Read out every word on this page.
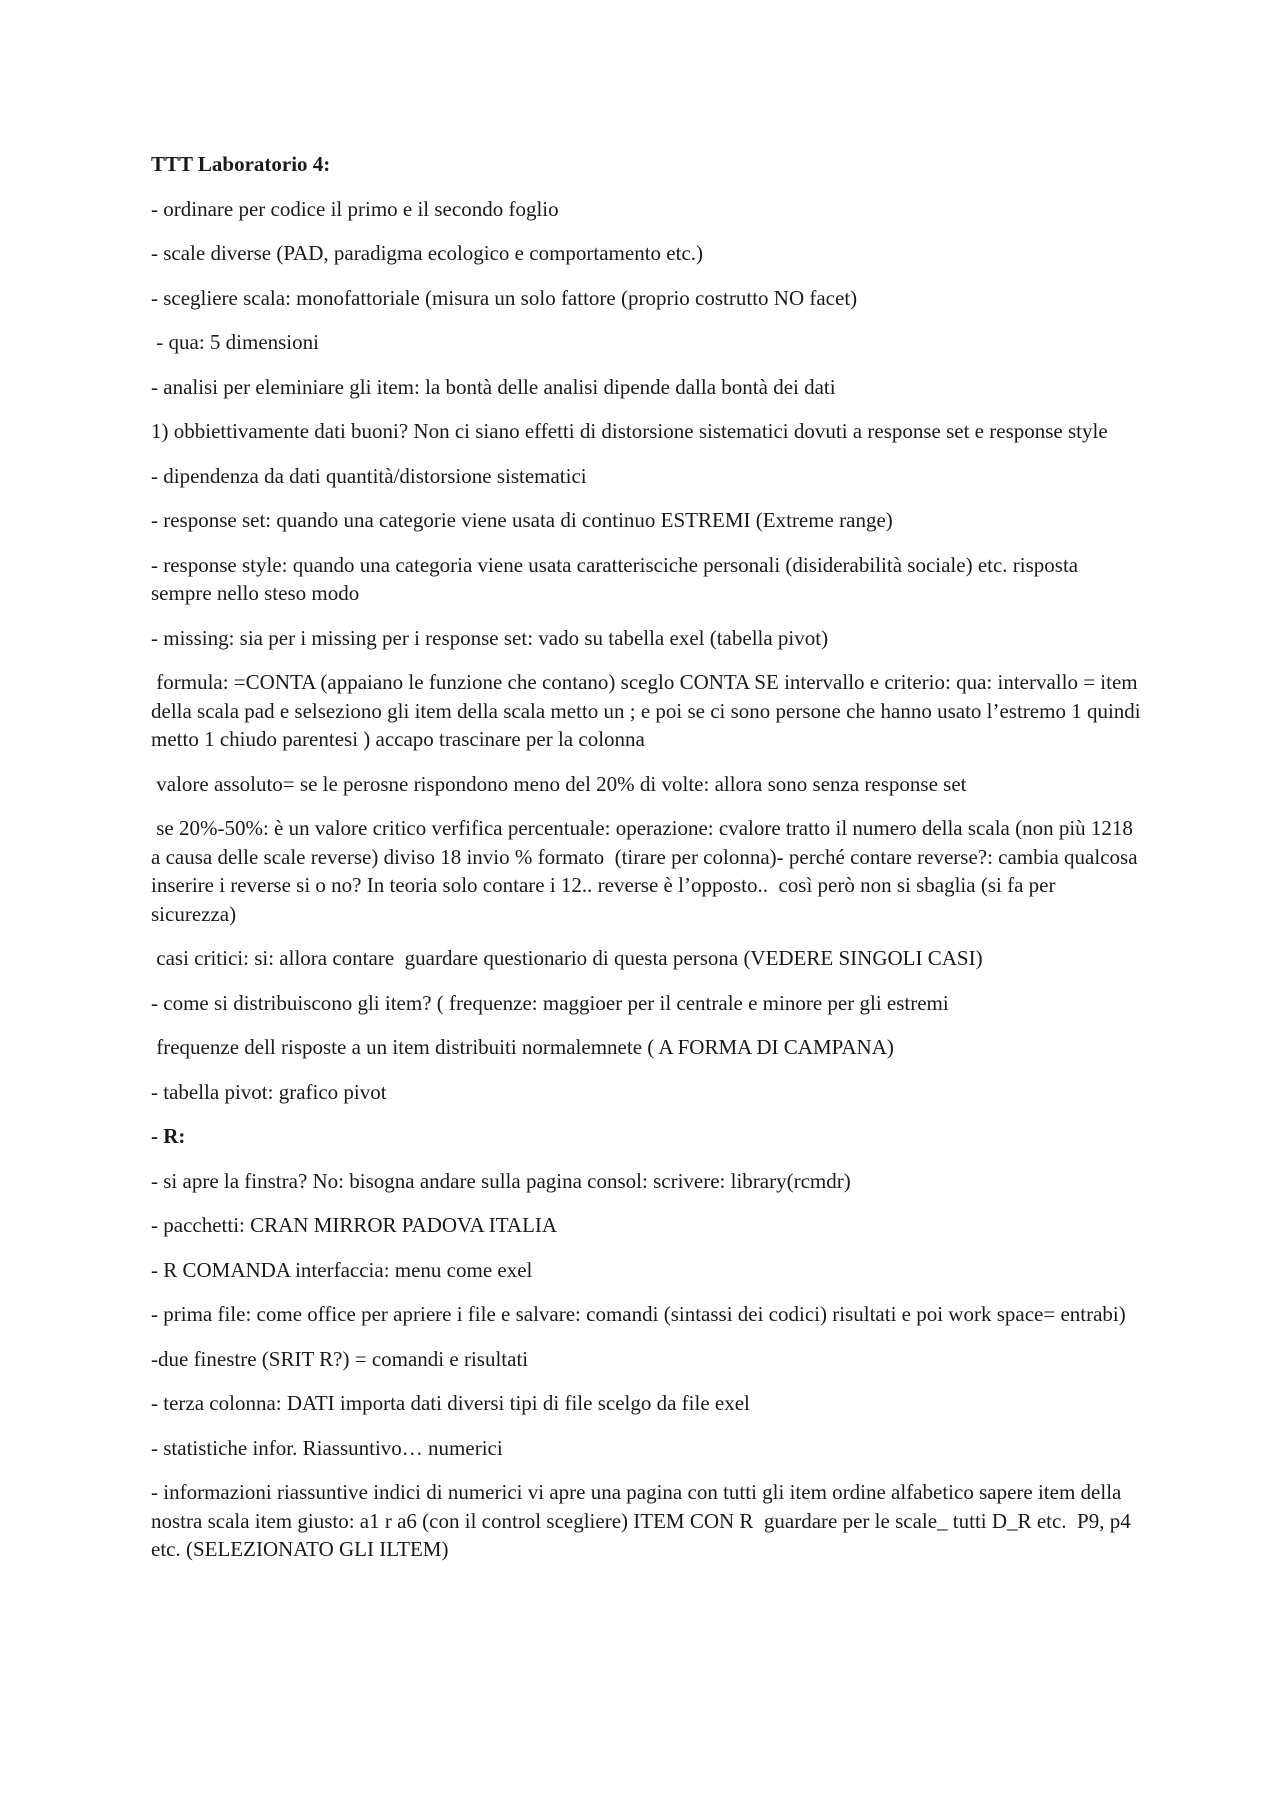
TTT Laboratorio 4:

- ordinare per codice il primo e il secondo foglio

- scale diverse (PAD, paradigma ecologico e comportamento etc.)

- scegliere scala: monofattoriale (misura un solo fattore (proprio costrutto NO facet)

- qua: 5 dimensioni

- analisi per eleminiare gli item: la bontà delle analisi dipende dalla bontà dei dati

1) obbiettivamente dati buoni? Non ci siano effetti di distorsione sistematici dovuti a response set e response style

- dipendenza da dati quantità/distorsione sistematici

- response set: quando una categorie viene usata di continuo ESTREMI (Extreme range)

- response style: quando una categoria viene usata caratterisciche personali (disiderabilità sociale) etc. risposta sempre nello steso modo

- missing: sia per i missing per i response set: vado su tabella exel (tabella pivot)

formula: =CONTA (appaiano le funzione che contano) sceglo CONTA SE intervallo e criterio: qua: intervallo = item della scala pad e selseziono gli item della scala metto un ; e poi se ci sono persone che hanno usato l’estremo 1 quindi metto 1 chiudo parentesi ) accapo trascinare per la colonna

valore assoluto= se le perosne rispondono meno del 20% di volte: allora sono senza response set

se 20%-50%: è un valore critico verfifica percentuale: operazione: cvalore tratto il numero della scala (non più 1218 a causa delle scale reverse) diviso 18 invio % formato  (tirare per colonna)- perché contare reverse?: cambia qualcosa inserire i reverse si o no? In teoria solo contare i 12.. reverse è l’opposto..  così però non si sbaglia (si fa per sicurezza)

casi critici: si: allora contare  guardare questionario di questa persona (VEDERE SINGOLI CASI)

- come si distribuiscono gli item? ( frequenze: maggioer per il centrale e minore per gli estremi

frequenze dell risposte a un item distribuiti normalemnete ( A FORMA DI CAMPANA)

- tabella pivot: grafico pivot

- R:

- si apre la finstra? No: bisogna andare sulla pagina consol: scrivere: library(rcmdr)

- pacchetti: CRAN MIRROR PADOVA ITALIA

- R COMANDA interfaccia: menu come exel

- prima file: come office per apriere i file e salvare: comandi (sintassi dei codici) risultati e poi work space= entrabi)

-due finestre (SRIT R?) = comandi e risultati

- terza colonna: DATI importa dati diversi tipi di file scelgo da file exel

- statistiche infor. Riassuntivo… numerici

- informazioni riassuntive indici di numerici vi apre una pagina con tutti gli item ordine alfabetico sapere item della nostra scala item giusto: a1 r a6 (con il control scegliere) ITEM CON R  guardare per le scale_ tutti D_R etc.  P9, p4 etc. (SELEZIONATO GLI ILTEM)
